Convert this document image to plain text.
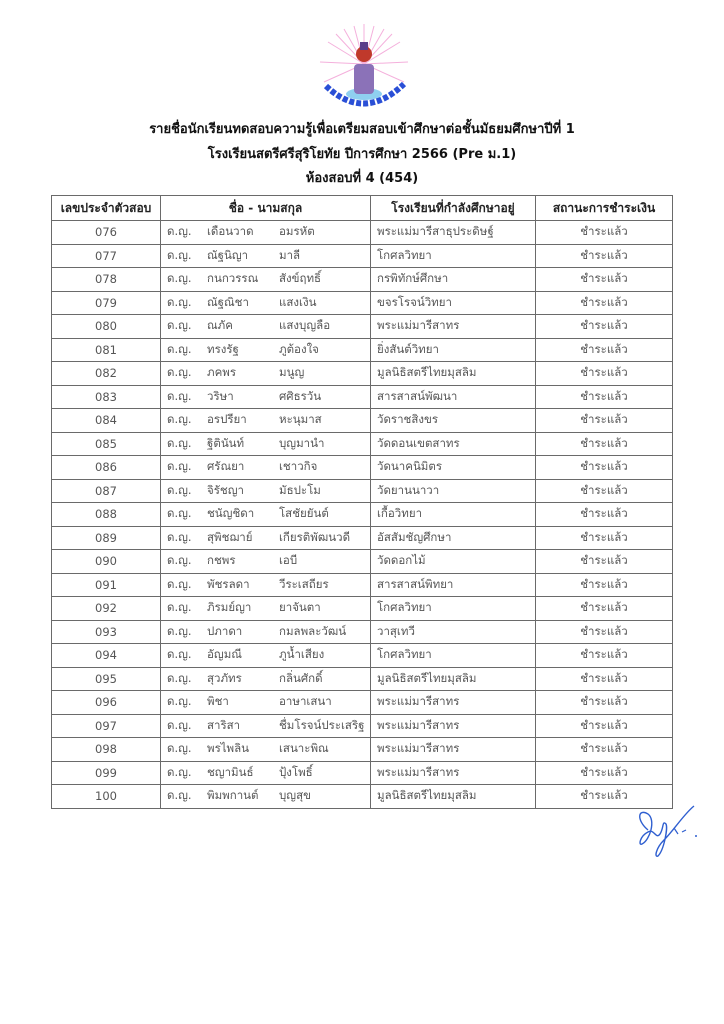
รายชื่อนักเรียนทดสอบความรู้เพื่อเตรียมสอบเข้าศึกษาต่อชั้นมัธยมศึกษาปีที่ 1
โรงเรียนสตรีศรีสุริโยทัย ปีการศึกษา 2566 (Pre ม.1)
ห้องสอบที่ 4 (454)
เลขประจำตัวสอบ	ชื่อ - นามสกุล	โรงเรียนที่กำลังศึกษาอยู่	สถานะการชำระเงิน
076	ด.ญ. เดือนวาด อมรหัต	พระแม่มารีสาธุประดิษฐ์	ชำระแล้ว
077	ด.ญ. ณัฐนิญา มาลี	โกศลวิทยา	ชำระแล้ว
078	ด.ญ. กนกวรรณ สังข์ฤทธิ์	กรพิทักษ์ศึกษา	ชำระแล้ว
079	ด.ญ. ณัฐณิชา แสงเงิน	ขจรโรจน์วิทยา	ชำระแล้ว
080	ด.ญ. ณภัค แสงบุญลือ	พระแม่มารีสาทร	ชำระแล้ว
081	ด.ญ. ทรงรัฐ ภูต้องใจ	ยิ่งสันต์วิทยา	ชำระแล้ว
082	ด.ญ. ภคพร มนูญ	มูลนิธิสตรีไทยมุสลิม	ชำระแล้ว
083	ด.ญ. วริษา ศศิธรวัน	สารสาสน์พัฒนา	ชำระแล้ว
084	ด.ญ. อรปรียา หะนุมาส	วัดราชสิงขร	ชำระแล้ว
085	ด.ญ. ฐิตินันท์ บุญมานำ	วัดดอนเขตสาทร	ชำระแล้ว
086	ด.ญ. ศรัณยา เชาวกิจ	วัดนาคนิมิตร	ชำระแล้ว
087	ด.ญ. จิรัชญา มัธปะโม	วัดยานนาวา	ชำระแล้ว
088	ด.ญ. ชนัญชิดา โสชัยยันต์	เกื้อวิทยา	ชำระแล้ว
089	ด.ญ. สุพิชฌาย์ เกียรติพัฒนวดี	อัสสัมชัญศึกษา	ชำระแล้ว
090	ด.ญ. กชพร เอบี	วัดดอกไม้	ชำระแล้ว
091	ด.ญ. พัชรลดา วีระเสถียร	สารสาสน์พิทยา	ชำระแล้ว
092	ด.ญ. ภิรมย์ญา ยาจันตา	โกศลวิทยา	ชำระแล้ว
093	ด.ญ. ปภาดา กมลพละวัฒน์	วาสุเทวี	ชำระแล้ว
094	ด.ญ. อัญมณี ภูน้ำเสียง	โกศลวิทยา	ชำระแล้ว
095	ด.ญ. สุวภัทร กลิ่นศักดิ์	มูลนิธิสตรีไทยมุสลิม	ชำระแล้ว
096	ด.ญ. พิชา อาษาเสนา	พระแม่มารีสาทร	ชำระแล้ว
097	ด.ญ. สาริสา ชื่มโรจน์ประเสริฐ	พระแม่มารีสาทร	ชำระแล้ว
098	ด.ญ. พรไพลิน เสนาะพิณ	พระแม่มารีสาทร	ชำระแล้ว
099	ด.ญ. ชญามินธ์ ปุ้งโพธิ์	พระแม่มารีสาทร	ชำระแล้ว
100	ด.ญ. พิมพกานต์ บุญสุข	มูลนิธิสตรีไทยมุสลิม	ชำระแล้ว
